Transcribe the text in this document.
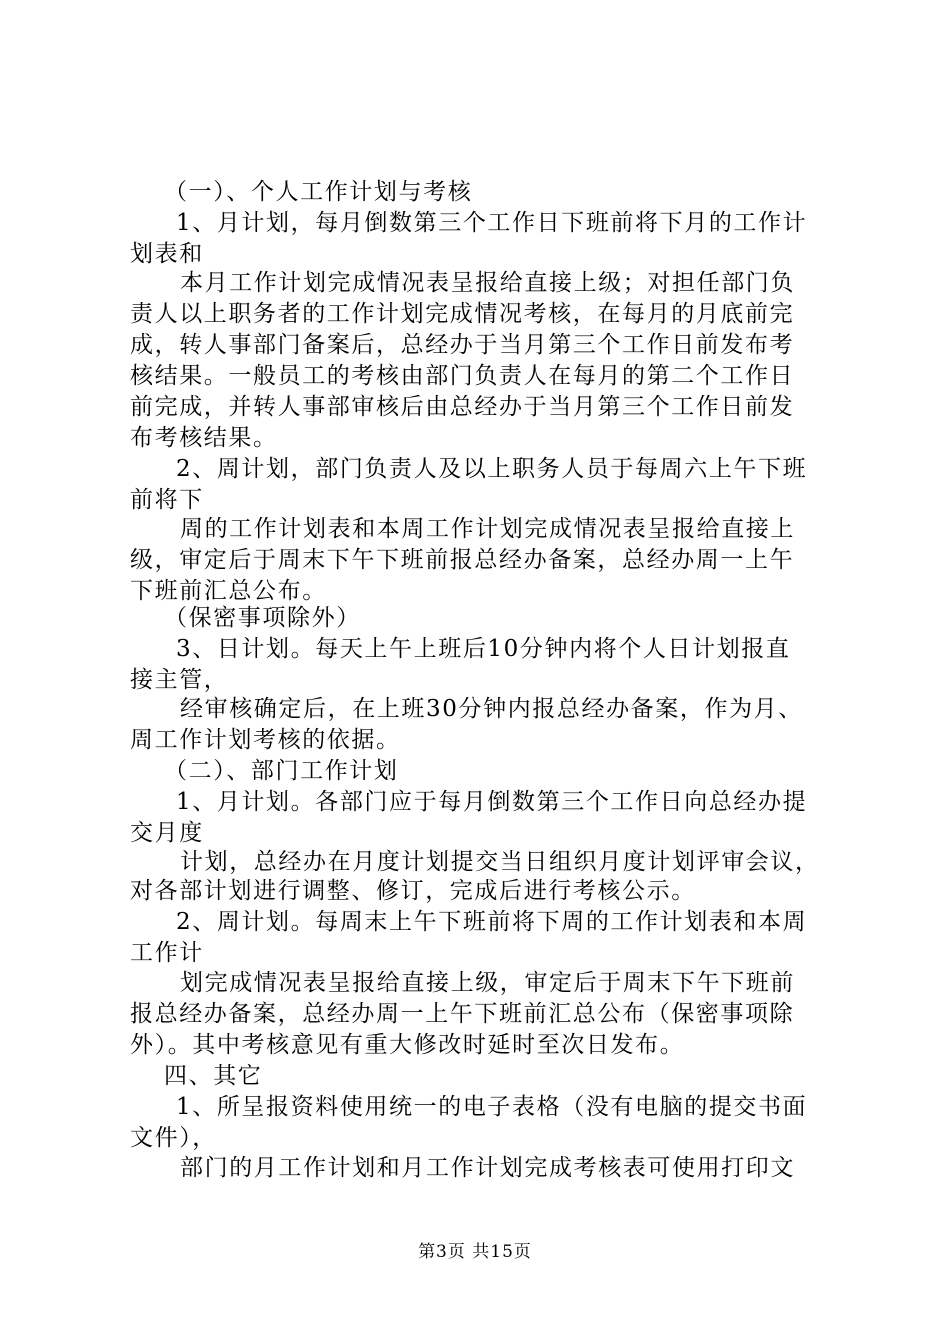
（一）、个人工作计划与考核
1、月计划，每月倒数第三个工作日下班前将下月的工作计
划表和
本月工作计划完成情况表呈报给直接上级；对担任部门负
责人以上职务者的工作计划完成情况考核，在每月的月底前完
成，转人事部门备案后，总经办于当月第三个工作日前发布考
核结果。一般员工的考核由部门负责人在每月的第二个工作日
前完成，并转人事部审核后由总经办于当月第三个工作日前发
布考核结果。
2、周计划，部门负责人及以上职务人员于每周六上午下班
前将下
周的工作计划表和本周工作计划完成情况表呈报给直接上
级，审定后于周末下午下班前报总经办备案，总经办周一上午
下班前汇总公布。
（保密事项除外）
3、日计划。每天上午上班后10分钟内将个人日计划报直
接主管，
经审核确定后，在上班30分钟内报总经办备案，作为月、
周工作计划考核的依据。
（二）、部门工作计划
1、月计划。各部门应于每月倒数第三个工作日向总经办提
交月度
计划，总经办在月度计划提交当日组织月度计划评审会议，
对各部计划进行调整、修订，完成后进行考核公示。
2、周计划。每周末上午下班前将下周的工作计划表和本周
工作计
划完成情况表呈报给直接上级，审定后于周末下午下班前
报总经办备案，总经办周一上午下班前汇总公布（保密事项除
外）。其中考核意见有重大修改时延时至次日发布。
四、其它
1、所呈报资料使用统一的电子表格（没有电脑的提交书面
文件），
部门的月工作计划和月工作计划完成考核表可使用打印文
第3页 共15页
